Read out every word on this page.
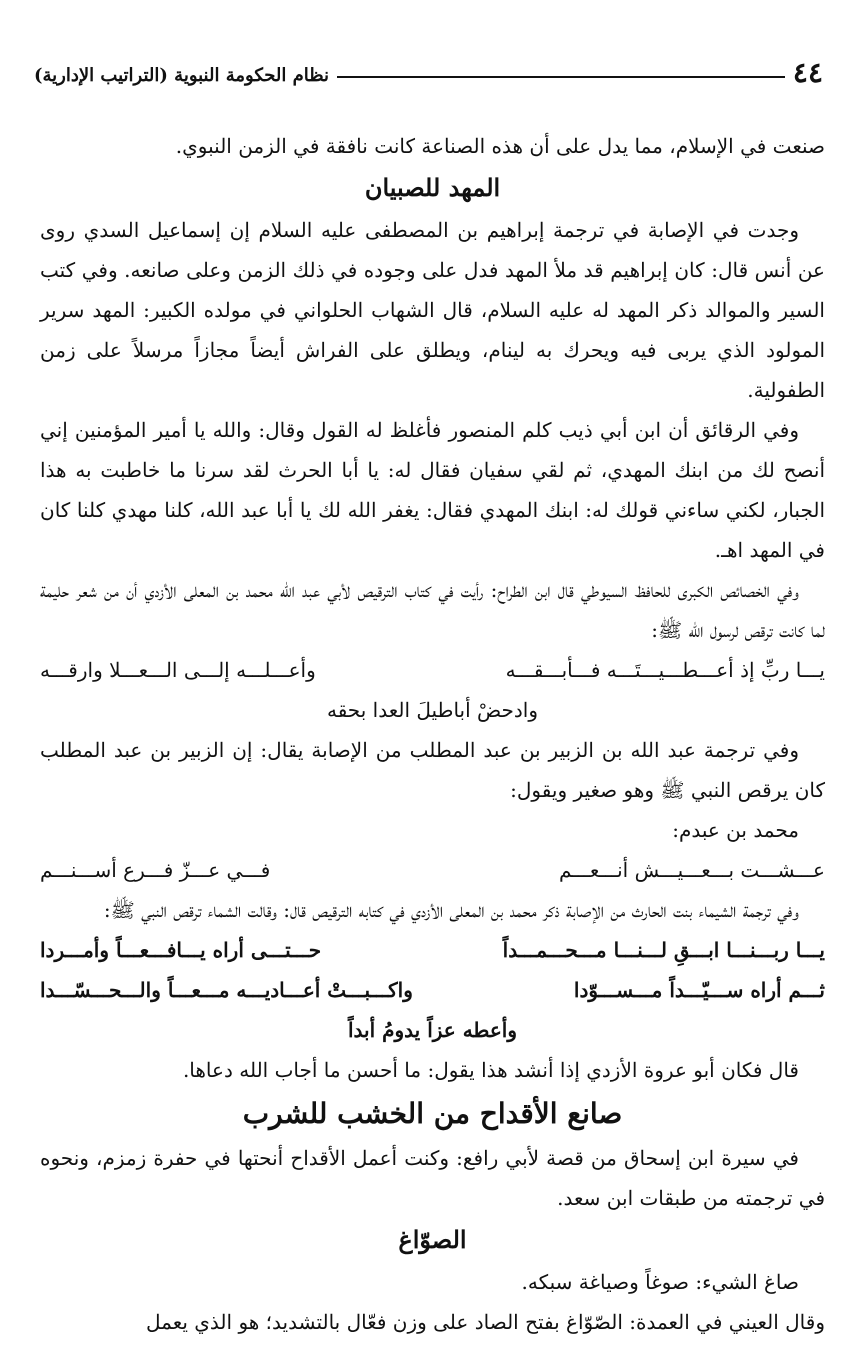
٤٤
نظام الحكومة النبوية (التراتيب الإدارية)

صنعت في الإسلام، مما يدل على أن هذه الصناعة كانت نافقة في الزمن النبوي.

المهد للصبيان

وجدت في الإصابة في ترجمة إبراهيم بن المصطفى عليه السلام إن إسماعيل السدي روى عن أنس قال: كان إبراهيم قد ملأ المهد فدل على وجوده في ذلك الزمن وعلى صانعه. وفي كتب السير والموالد ذكر المهد له عليه السلام، قال الشهاب الحلواني في مولده الكبير: المهد سرير المولود الذي يربى فيه ويحرك به لينام، ويطلق على الفراش أيضاً مجازاً مرسلاً على زمن الطفولية.

وفي الرقائق أن ابن أبي ذيب كلم المنصور فأغلظ له القول وقال: والله يا أمير المؤمنين إني أنصح لك من ابنك المهدي، ثم لقي سفيان فقال له: يا أبا الحرث لقد سرنا ما خاطبت به هذا الجبار، لكني ساءني قولك له: ابنك المهدي فقال: يغفر الله لك يا أبا عبد الله، كلنا مهدي كلنا كان في المهد اهـ.

وفي الخصائص الكبرى للحافظ السيوطي قال ابن الطراح: رأيت في كتاب الترقيص لأبي عبد الله محمد بن المعلى الأزدي أن من شعر حليمة لما كانت ترقص لرسول الله ﷺ:

يـــا ربِّ إذ أعـــطـــيـــتَـــه فـــأبـــقـــه
وأعـــلـــه إلـــى الـــعـــلا وارقـــه
وادحضْ أباطيلَ العدا بحقه

وفي ترجمة عبد الله بن الزبير بن عبد المطلب من الإصابة يقال: إن الزبير بن عبد المطلب كان يرقص النبي ﷺ وهو صغير ويقول:

محمد بن عبدم:

عـــشـــت بـــعـــيـــش أنـــعـــم
فـــي عـــزّ فـــرع أســـنـــم

وفي ترجمة الشيماء بنت الحارث من الإصابة ذكر محمد بن المعلى الأزدي في كتابه الترقيص قال: وقالت الشماء ترقص النبي ﷺ:

يـــا ربـــنـــا ابـــقِ لـــنـــا مـــحـــمـــداً
حـــتـــى أراه يـــافـــعـــاً وأمـــردا
ثـــم أراه ســـيّـــداً مـــســـوّدا
واكـــبـــتْ أعـــاديـــه مـــعـــاً والـــحـــسّـــدا
وأعطه عزاً يدومُ أبداً

قال فكان أبو عروة الأزدي إذا أنشد هذا يقول: ما أحسن ما أجاب الله دعاها.

صانع الأقداح من الخشب للشرب

في سيرة ابن إسحاق من قصة لأبي رافع: وكنت أعمل الأقداح أنحتها في حفرة زمزم، ونحوه في ترجمته من طبقات ابن سعد.

الصوّاغ

صاغ الشيء: صوغاً وصياغة سبكه.

وقال العيني في العمدة: الصّوّاغ بفتح الصاد على وزن فعّال بالتشديد؛ هو الذي يعمل
